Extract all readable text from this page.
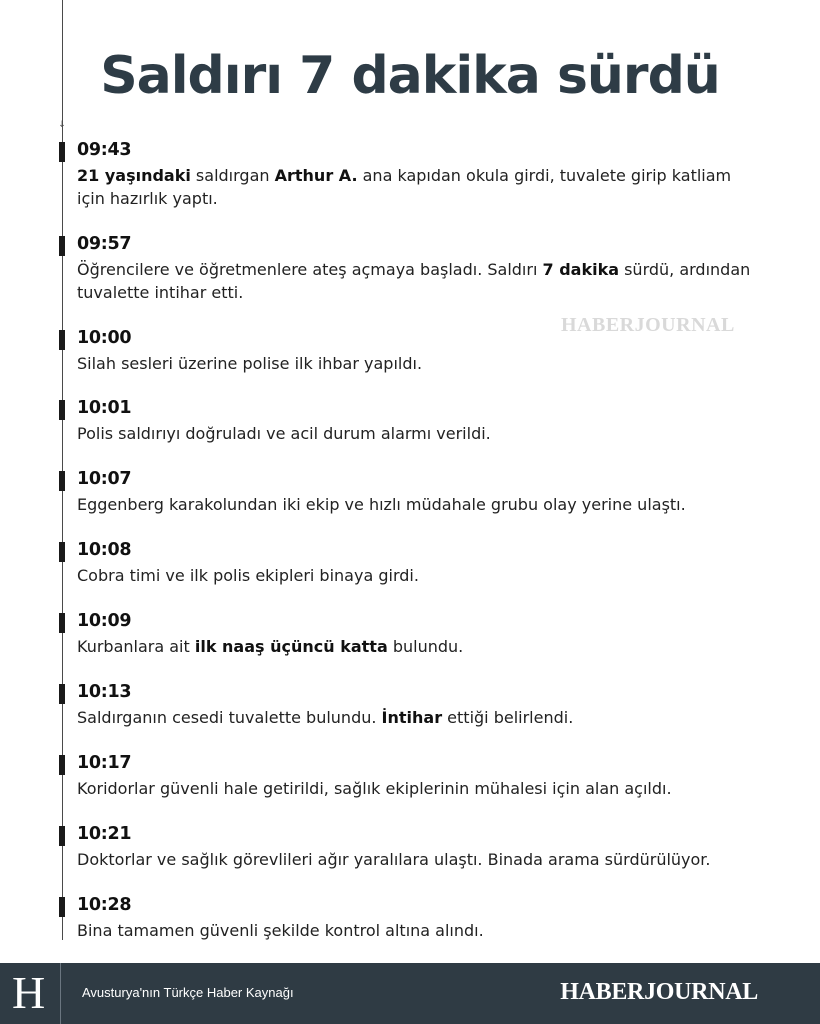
↓
Saldırı 7 dakika sürdü
HABERJOURNAL
09:43
21 yaşındaki saldırgan Arthur A. ana kapıdan okula girdi, tuvalete girip katliam için hazırlık yaptı.
09:57
Öğrencilere ve öğretmenlere ateş açmaya başladı. Saldırı 7 dakika sürdü, ardından tuvalette intihar etti.
10:00
Silah sesleri üzerine polise ilk ihbar yapıldı.
10:01
Polis saldırıyı doğruladı ve acil durum alarmı verildi.
10:07
Eggenberg karakolundan iki ekip ve hızlı müdahale grubu olay yerine ulaştı.
10:08
Cobra timi ve ilk polis ekipleri binaya girdi.
10:09
Kurbanlara ait ilk naaş üçüncü katta bulundu.
10:13
Saldırganın cesedi tuvalette bulundu. İntihar ettiği belirlendi.
10:17
Koridorlar güvenli hale getirildi, sağlık ekiplerinin mühalesi için alan açıldı.
10:21
Doktorlar ve sağlık görevlileri ağır yaralılara ulaştı. Binada arama sürdürülüyor.
10:28
Bina tamamen güvenli şekilde kontrol altına alındı.
H	Avusturya'nın Türkçe Haber Kaynağı	HABERJOURNAL
